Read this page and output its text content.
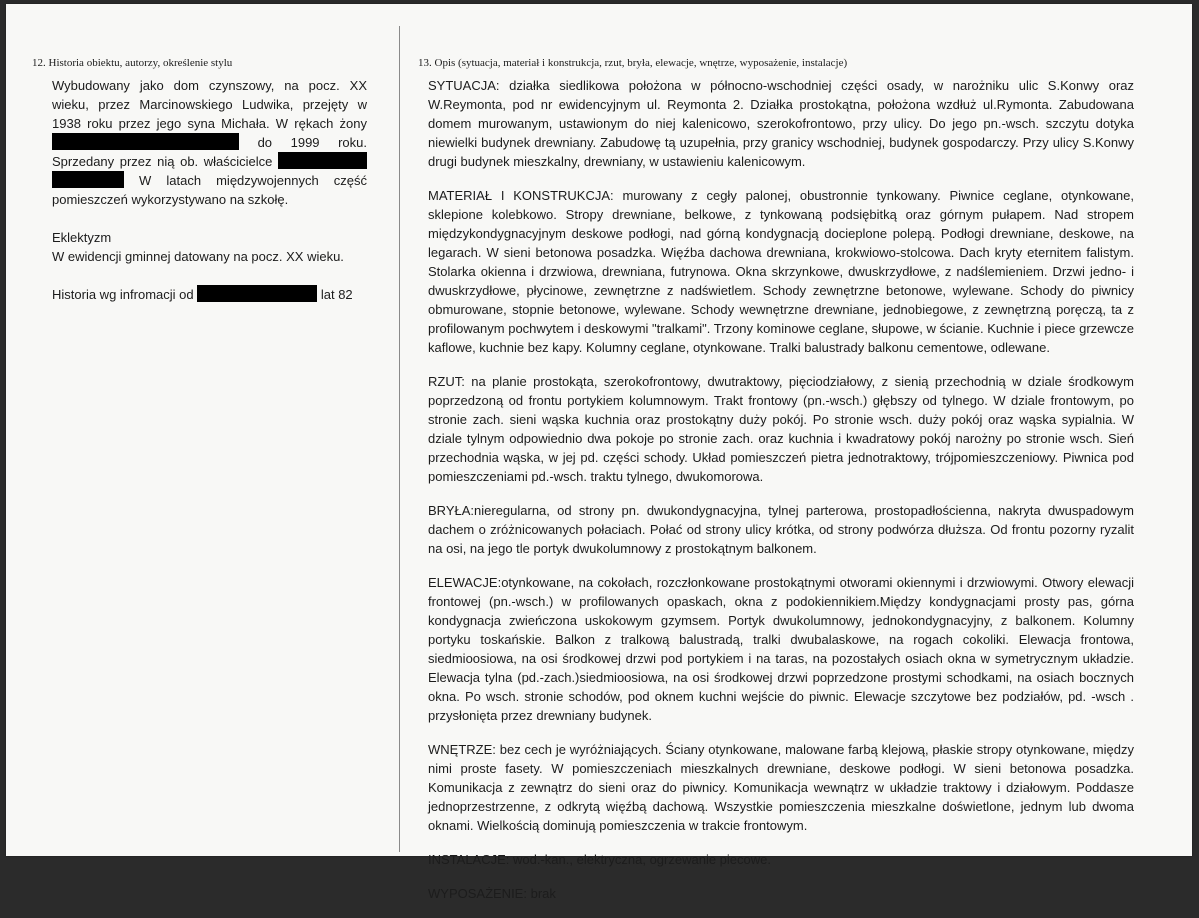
12. Historia obiektu, autorzy, określenie stylu

Wybudowany jako dom czynszowy, na pocz. XX wieku, przez Marcinowskiego Ludwika, przejęty w 1938 roku przez jego syna Michała. W rękach żony  do 1999 roku. Sprzedany przez nią ob. właścicielce   W latach międzywojennych część pomieszczeń wykorzystywano na szkołę.

Eklektyzm
W ewidencji gminnej datowany na pocz. XX wieku.

Historia wg infromacji od	lat 82

13. Opis (sytuacja, materiał i konstrukcja, rzut, bryła, elewacje, wnętrze, wyposażenie, instalacje)

SYTUACJA: działka siedlikowa położona w północno-wschodniej części osady, w narożniku ulic S.Konwy oraz W.Reymonta, pod nr ewidencyjnym ul. Reymonta 2. Działka prostokątna, położona wzdłuż ul.Rymonta. Zabudowana domem murowanym, ustawionym do niej kalenicowo, szerokofrontowo, przy ulicy. Do jego pn.-wsch. szczytu dotyka niewielki budynek drewniany. Zabudowę tą uzupełnia, przy granicy wschodniej, budynek gospodarczy. Przy ulicy S.Konwy drugi budynek mieszkalny, drewniany, w ustawieniu kalenicowym.

MATERIAŁ I KONSTRUKCJA: murowany z cegły palonej, obustronnie tynkowany. Piwnice ceglane, otynkowane, sklepione kolebkowo. Stropy drewniane, belkowe, z tynkowaną podsiębitką oraz górnym pułapem. Nad stropem międzykondygnacyjnym deskowe podłogi, nad górną kondygnacją docieplone polepą. Podłogi drewniane, deskowe, na legarach. W sieni betonowa posadzka. Więźba dachowa drewniana, krokwiowo-stolcowa. Dach kryty eternitem falistym. Stolarka okienna i drzwiowa, drewniana, futrynowa. Okna skrzynkowe, dwuskrzydłowe, z nadślemieniem. Drzwi jedno- i dwuskrzydłowe, płycinowe, zewnętrzne z nadświetlem. Schody zewnętrzne betonowe, wylewane. Schody do piwnicy obmurowane, stopnie betonowe, wylewane. Schody wewnętrzne drewniane, jednobiegowe, z zewnętrzną poręczą, ta z profilowanym pochwytem i deskowymi "tralkami". Trzony kominowe ceglane, słupowe, w ścianie. Kuchnie i piece grzewcze kaflowe, kuchnie bez kapy. Kolumny ceglane, otynkowane. Tralki balustrady balkonu cementowe, odlewane.

RZUT: na planie prostokąta, szerokofrontowy, dwutraktowy, pięciodziałowy, z sienią przechodnią w dziale środkowym poprzedzoną od frontu portykiem kolumnowym. Trakt frontowy (pn.-wsch.) głębszy od tylnego. W dziale frontowym, po stronie zach. sieni wąska kuchnia oraz prostokątny duży pokój. Po stronie wsch. duży pokój oraz wąska sypialnia. W dziale tylnym odpowiednio dwa pokoje po stronie zach. oraz kuchnia i kwadratowy pokój narożny po stronie wsch. Sień przechodnia wąska, w jej pd. części schody. Układ pomieszczeń pietra jednotraktowy, trójpomieszczeniowy. Piwnica pod pomieszczeniami pd.-wsch. traktu tylnego, dwukomorowa.

BRYŁA:nieregularna, od strony pn. dwukondygnacyjna, tylnej parterowa, prostopadłościenna, nakryta dwuspadowym dachem o zróżnicowanych połaciach. Połać od strony ulicy krótka, od strony podwórza dłuższa. Od frontu pozorny ryzalit na osi, na jego tle portyk dwukolumnowy z prostokątnym balkonem.

ELEWACJE:otynkowane, na cokołach, rozczłonkowane prostokątnymi otworami okiennymi i drzwiowymi. Otwory elewacji frontowej (pn.-wsch.) w profilowanych opaskach, okna z podokiennikiem.Między kondygnacjami prosty pas, górna kondygnacja zwieńczona uskokowym gzymsem. Portyk dwukolumnowy, jednokondygnacyjny, z balkonem. Kolumny portyku toskańskie. Balkon z tralkową balustradą, tralki dwubalaskowe, na rogach cokoliki. Elewacja frontowa, siedmioosiowa, na osi środkowej drzwi pod portykiem i na taras, na pozostałych osiach okna w symetrycznym układzie. Elewacja tylna (pd.-zach.)siedmioosiowa, na osi środkowej drzwi poprzedzone prostymi schodkami, na osiach bocznych okna. Po wsch. stronie schodów, pod oknem kuchni wejście do piwnic. Elewacje szczytowe bez podziałów, pd. -wsch . przysłonięta przez drewniany budynek.

WNĘTRZE: bez cech je wyróżniających. Ściany otynkowane, malowane farbą klejową, płaskie stropy otynkowane, między nimi proste fasety. W pomieszczeniach mieszkalnych drewniane, deskowe podłogi. W sieni betonowa posadzka. Komunikacja z zewnątrz do sieni oraz do piwnicy. Komunikacja wewnątrz w układzie traktowy i działowym. Poddasze jednoprzestrzenne, z odkrytą więźbą dachową. Wszystkie pomieszczenia mieszkalne doświetlone, jednym lub dwoma oknami. Wielkością dominują pomieszczenia w trakcie frontowym.

INSTALACJE: wod.-kan., elektryczna, ogrzewanie piecowe.

WYPOSAŻENIE: brak
